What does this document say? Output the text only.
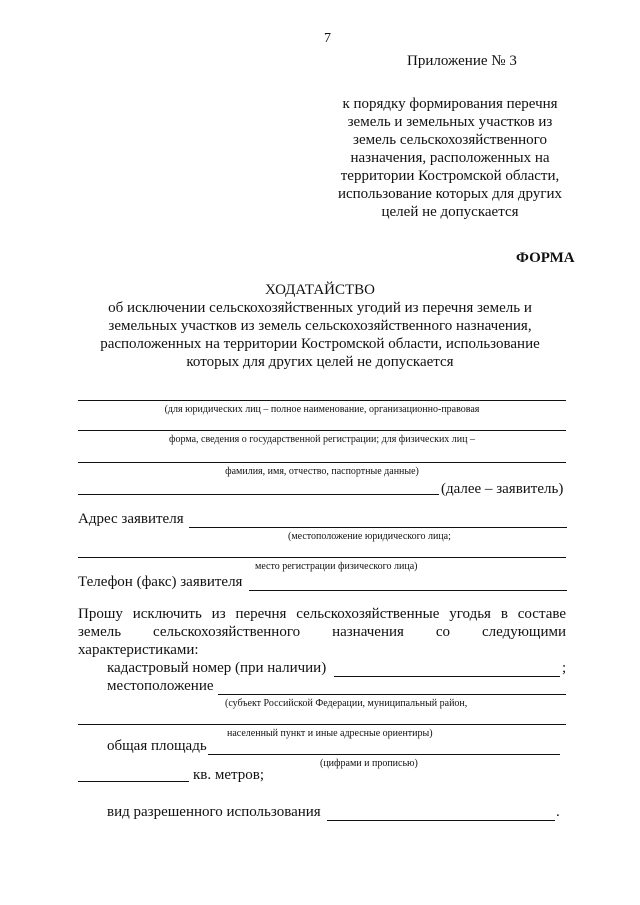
7
Приложение № 3
к порядку формирования перечня
земель и земельных участков из
земель сельскохозяйственного
назначения, расположенных на
территории Костромской области,
использование которых для других
целей не допускается
ФОРМА
ХОДАТАЙСТВО
об исключении сельскохозяйственных угодий из перечня земель и
земельных участков из земель сельскохозяйственного назначения,
расположенных на территории Костромской области, использование
которых для других целей не допускается
(для юридических лиц – полное наименование, организационно-правовая
форма, сведения о государственной регистрации; для физических лиц –
фамилия, имя, отчество, паспортные данные)
(далее – заявитель)
Адрес заявителя
(местоположение юридического лица;
место регистрации физического лица)
Телефон (факс) заявителя
Прошу исключить из перечня сельскохозяйственные угодья в составе
земель сельскохозяйственного назначения со следующими
характеристиками:
кадастровый номер (при наличии)	;
местоположение
(субъект Российской Федерации, муниципальный район,
населенный пункт и иные адресные ориентиры)
общая площадь
(цифрами и прописью)
кв. метров;
вид разрешенного использования	.
